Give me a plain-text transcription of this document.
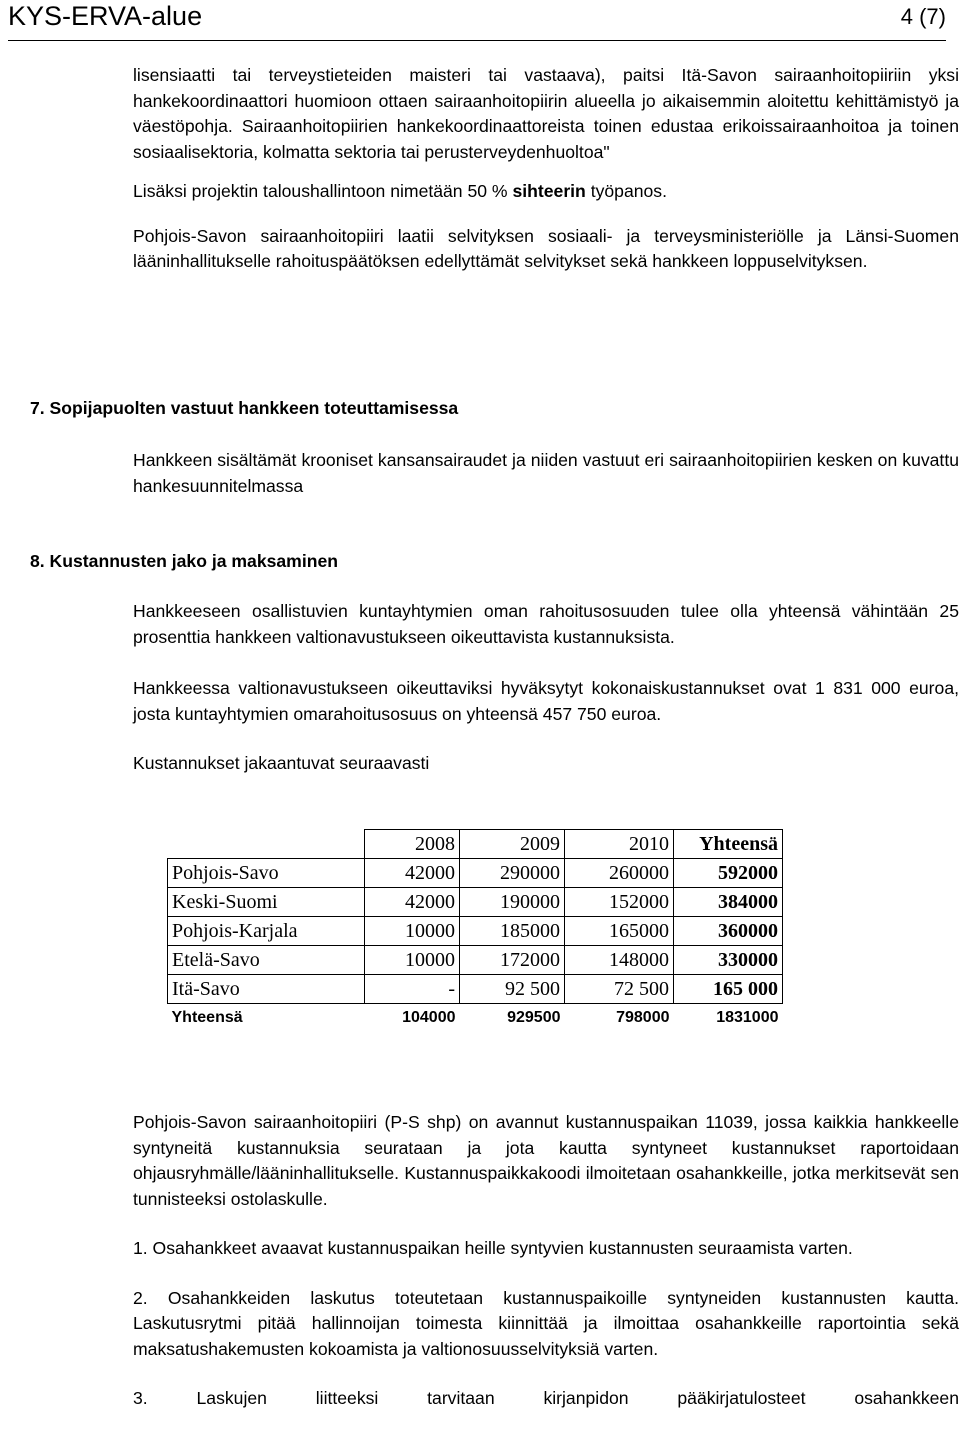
KYS-ERVA-alue	4 (7)

lisensiaatti tai terveystieteiden maisteri tai vastaava), paitsi Itä-Savon sairaanhoitopiiriin yksi hankekoordinaattori huomioon ottaen sairaanhoitopiirin alueella jo aikaisemmin aloitettu kehittämistyö ja väestöpohja. Sairaanhoitopiirien hankekoordinaattoreista toinen edustaa erikoissairaanhoitoa ja toinen sosiaalisektoria, kolmatta sektoria tai perusterveydenhuoltoa"

Lisäksi projektin taloushallintoon nimetään 50 % sihteerin työpanos.

Pohjois-Savon sairaanhoitopiiri laatii selvityksen sosiaali- ja terveysministeriölle ja Länsi-Suomen lääninhallitukselle rahoituspäätöksen edellyttämät selvitykset sekä hankkeen loppuselvityksen.

7. Sopijapuolten vastuut hankkeen toteuttamisessa

Hankkeen sisältämät krooniset kansansairaudet ja niiden vastuut eri sairaanhoitopiirien kesken on kuvattu hankesuunnitelmassa

8. Kustannusten jako ja maksaminen

Hankkeeseen osallistuvien kuntayhtymien oman rahoitusosuuden tulee olla yhteensä vähintään 25 prosenttia hankkeen valtionavustukseen oikeuttavista kustannuksista.

Hankkeessa valtionavustukseen oikeuttaviksi hyväksytyt kokonaiskustannukset ovat 1 831 000 euroa, josta kuntayhtymien omarahoitusosuus on yhteensä 457 750 euroa.

Kustannukset jakaantuvat seuraavasti

	2008	2009	2010	Yhteensä
Pohjois-Savo	42000	290000	260000	592000
Keski-Suomi	42000	190000	152000	384000
Pohjois-Karjala	10000	185000	165000	360000
Etelä-Savo	10000	172000	148000	330000
Itä-Savo	-	92 500	72 500	165 000
Yhteensä	104000	929500	798000	1831000

Pohjois-Savon sairaanhoitopiiri (P-S shp) on avannut kustannuspaikan 11039, jossa kaikkia hankkeelle syntyneitä kustannuksia seurataan ja jota kautta syntyneet kustannukset raportoidaan ohjausryhmälle/lääninhallitukselle. Kustannuspaikkakoodi ilmoitetaan osahankkeille, jotka merkitsevät sen tunnisteeksi ostolaskulle.

1. Osahankkeet avaavat kustannuspaikan heille syntyvien kustannusten seuraamista varten.

2. Osahankkeiden laskutus toteutetaan kustannuspaikoille syntyneiden kustannusten kautta. Laskutusrytmi pitää hallinnoijan toimesta kiinnittää ja ilmoittaa osahankkeille raportointia sekä maksatushakemusten kokoamista ja valtionosuusselvityksiä varten.

3. Laskujen liitteeksi tarvitaan kirjanpidon pääkirjatulosteet osahankkeen
